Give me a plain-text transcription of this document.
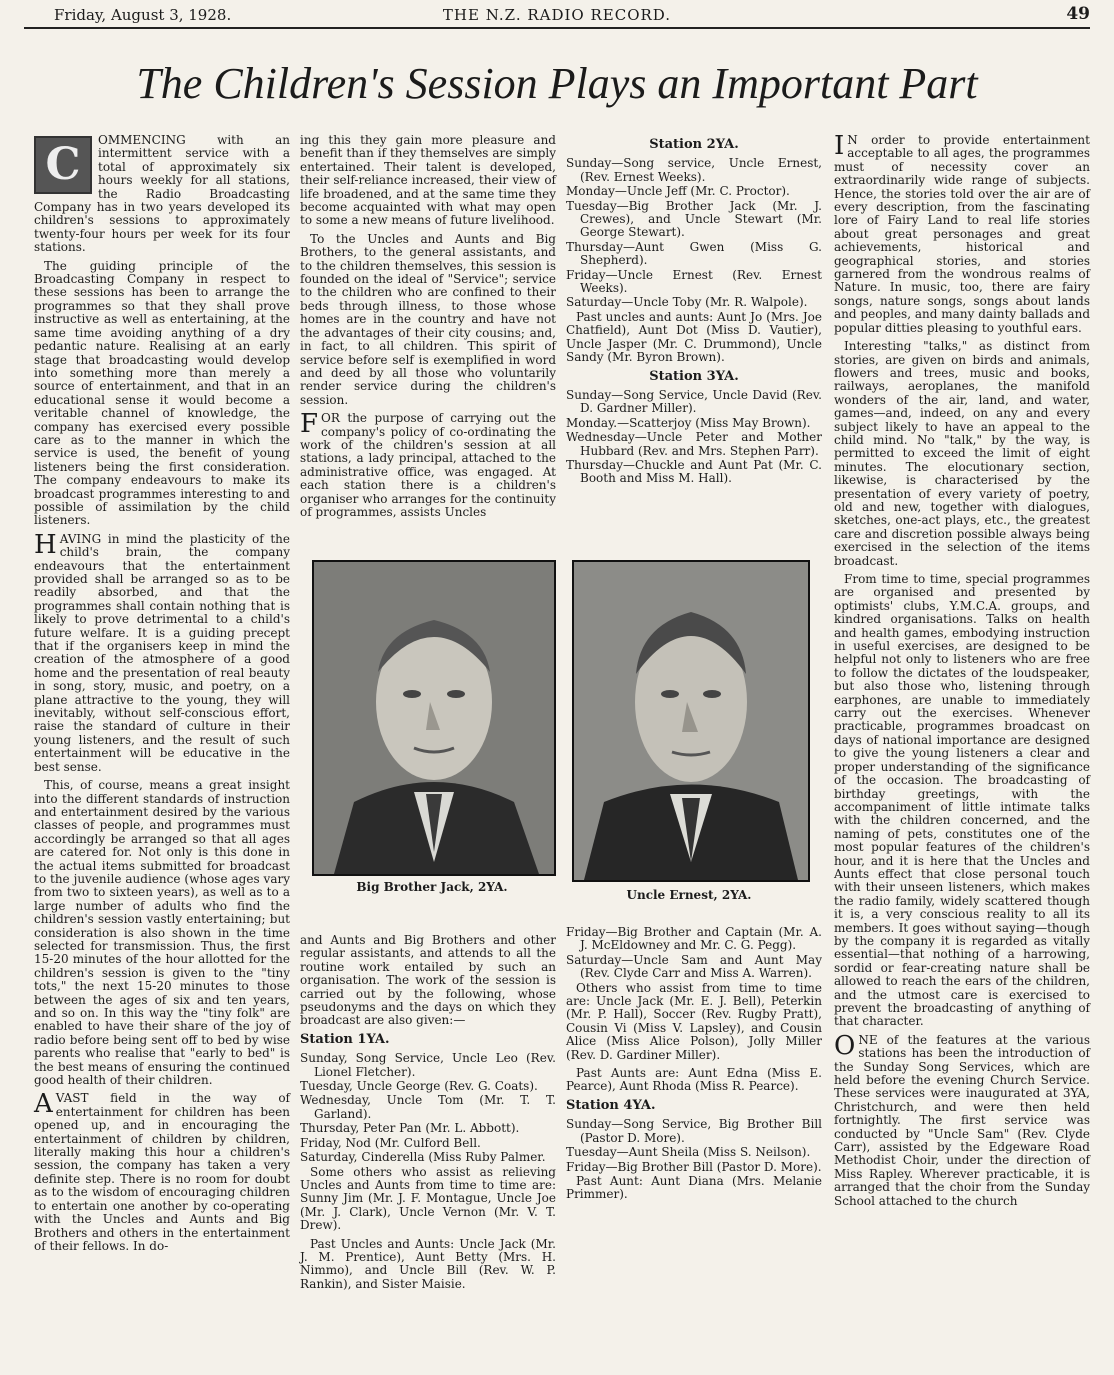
Friday, August 3, 1928.	THE N.Z. RADIO RECORD.	49
The Children's Session Plays an Important Part

C	OMMENCING with an intermittent service with a total of approximately six hours weekly for all stations, the Radio Broadcasting Company has in two years developed its children's sessions to approximately twenty-four hours per week for its four stations.

The guiding principle of the Broadcasting Company in respect to these sessions has been to arrange the programmes so that they shall prove instructive as well as entertaining, at the same time avoiding anything of a dry pedantic nature. Realising at an early stage that broadcasting would develop into something more than merely a source of entertainment, and that in an educational sense it would become a veritable channel of knowledge, the company has exercised every possible care as to the manner in which the service is used, the benefit of young listeners being the first consideration. The company endeavours to make its broadcast programmes interesting to and possible of assimilation by the child listeners.

HAVING in mind the plasticity of the child's brain, the company endeavours that the entertainment provided shall be arranged so as to be readily absorbed, and that the programmes shall contain nothing that is likely to prove detrimental to a child's future welfare. It is a guiding precept that if the organisers keep in mind the creation of the atmosphere of a good home and the presentation of real beauty in song, story, music, and poetry, on a plane attractive to the young, they will inevitably, without self-conscious effort, raise the standard of culture in their young listeners, and the result of such entertainment will be educative in the best sense.

This, of course, means a great insight into the different standards of instruction and entertainment desired by the various classes of people, and programmes must accordingly be arranged so that all ages are catered for. Not only is this done in the actual items submitted for broadcast to the juvenile audience (whose ages vary from two to sixteen years), as well as to a large number of adults who find the children's session vastly entertaining; but consideration is also shown in the time selected for transmission. Thus, the first 15-20 minutes of the hour allotted for the children's session is given to the "tiny tots," the next 15-20 minutes to those between the ages of six and ten years, and so on. In this way the "tiny folk" are enabled to have their share of the joy of radio before being sent off to bed by wise parents who realise that "early to bed" is the best means of ensuring the continued good health of their children.

AVAST field in the way of entertainment for children has been opened up, and in encouraging the entertainment of children by children, literally making this hour a children's session, the company has taken a very definite step. There is no room for doubt as to the wisdom of encouraging children to entertain one another by co-operating with the Uncles and Aunts and Big Brothers and others in the entertainment of their fellows. In do-

ing this they gain more pleasure and benefit than if they themselves are simply entertained. Their talent is developed, their self-reliance increased, their view of life broadened, and at the same time they become acquainted with what may open to some a new means of future livelihood.

To the Uncles and Aunts and Big Brothers, to the general assistants, and to the children themselves, this session is founded on the ideal of "Service"; service to the children who are confined to their beds through illness, to those whose homes are in the country and have not the advantages of their city cousins; and, in fact, to all children. This spirit of service before self is exemplified in word and deed by all those who voluntarily render service during the children's session.

FOR the purpose of carrying out the company's policy of co-ordinating the work of the children's session at all stations, a lady principal, attached to the administrative office, was engaged. At each station there is a children's organiser who arranges for the continuity of programmes, assists Uncles

Station 2YA.
Sunday—Song service, Uncle Ernest, (Rev. Ernest Weeks).
Monday—Uncle Jeff (Mr. C. Proctor).
Tuesday—Big Brother Jack (Mr. J. Crewes), and Uncle Stewart (Mr. George Stewart).
Thursday—Aunt Gwen (Miss G. Shepherd).
Friday—Uncle Ernest (Rev. Ernest Weeks).
Saturday—Uncle Toby (Mr. R. Walpole).

Past uncles and aunts: Aunt Jo (Mrs. Joe Chatfield), Aunt Dot (Miss D. Vautier), Uncle Jasper (Mr. C. Drummond), Uncle Sandy (Mr. Byron Brown).

Station 3YA.
Sunday—Song Service, Uncle David (Rev. D. Gardner Miller).
Monday.—Scatterjoy (Miss May Brown).
Wednesday—Uncle Peter and Mother Hubbard (Rev. and Mrs. Stephen Parr).
Thursday—Chuckle and Aunt Pat (Mr. C. Booth and Miss M. Hall).
Big Brother Jack, 2YA.
Uncle Ernest, 2YA.

and Aunts and Big Brothers and other regular assistants, and attends to all the routine work entailed by such an organisation. The work of the session is carried out by the following, whose pseudonyms and the days on which they broadcast are also given:—

Station 1YA.
Sunday, Song Service, Uncle Leo (Rev. Lionel Fletcher).
Tuesday, Uncle George (Rev. G. Coats).
Wednesday, Uncle Tom (Mr. T. T. Garland).
Thursday, Peter Pan (Mr. L. Abbott).
Friday, Nod (Mr. Culford Bell.
Saturday, Cinderella (Miss Ruby Palmer.

Some others who assist as relieving Uncles and Aunts from time to time are: Sunny Jim (Mr. J. F. Montague, Uncle Joe (Mr. J. Clark), Uncle Vernon (Mr. V. T. Drew).

Past Uncles and Aunts: Uncle Jack (Mr. J. M. Prentice), Aunt Betty (Mrs. H. Nimmo), and Uncle Bill (Rev. W. P. Rankin), and Sister Maisie.

Friday—Big Brother and Captain (Mr. A. J. McEldowney and Mr. C. G. Pegg).
Saturday—Uncle Sam and Aunt May (Rev. Clyde Carr and Miss A. Warren).

Others who assist from time to time are: Uncle Jack (Mr. E. J. Bell), Peterkin (Mr. P. Hall), Soccer (Rev. Rugby Pratt), Cousin Vi (Miss V. Lapsley), and Cousin Alice (Miss Alice Polson), Jolly Miller (Rev. D. Gardiner Miller).

Past Aunts are: Aunt Edna (Miss E. Pearce), Aunt Rhoda (Miss R. Pearce).

Station 4YA.
Sunday—Song Service, Big Brother Bill (Pastor D. More).
Tuesday—Aunt Sheila (Miss S. Neilson).
Friday—Big Brother Bill (Pastor D. More).

Past Aunt: Aunt Diana (Mrs. Melanie Primmer).

I N order to provide entertainment acceptable to all ages, the programmes must of necessity cover an extraordinarily wide range of subjects. Hence, the stories told over the air are of every description, from the fascinating lore of Fairy Land to real life stories about great personages and great achievements, historical and geographical stories, and stories garnered from the wondrous realms of Nature. In music, too, there are fairy songs, nature songs, songs about lands and peoples, and many dainty ballads and popular ditties pleasing to youthful ears.

Interesting "talks," as distinct from stories, are given on birds and animals, flowers and trees, music and books, railways, aeroplanes, the manifold wonders of the air, land, and water, games—and, indeed, on any and every subject likely to have an appeal to the child mind. No "talk," by the way, is permitted to exceed the limit of eight minutes. The elocutionary section, likewise, is characterised by the presentation of every variety of poetry, old and new, together with dialogues, sketches, one-act plays, etc., the greatest care and discretion possible always being exercised in the selection of the items broadcast.

From time to time, special programmes are organised and presented by optimists' clubs, Y.M.C.A. groups, and kindred organisations. Talks on health and health games, embodying instruction in useful exercises, are designed to be helpful not only to listeners who are free to follow the dictates of the loudspeaker, but also those who, listening through earphones, are unable to immediately carry out the exercises. Whenever practicable, programmes broadcast on days of national importance are designed to give the young listeners a clear and proper understanding of the significance of the occasion. The broadcasting of birthday greetings, with the accompaniment of little intimate talks with the children concerned, and the naming of pets, constitutes one of the most popular features of the children's hour, and it is here that the Uncles and Aunts effect that close personal touch with their unseen listeners, which makes the radio family, widely scattered though it is, a very conscious reality to all its members. It goes without saying—though by the company it is regarded as vitally essential—that nothing of a harrowing, sordid or fear-creating nature shall be allowed to reach the ears of the children, and the utmost care is exercised to prevent the broadcasting of anything of that character.

ONE of the features at the various stations has been the introduction of the Sunday Song Services, which are held before the evening Church Service. These services were inaugurated at 3YA, Christchurch, and were then held fortnightly. The first service was conducted by "Uncle Sam" (Rev. Clyde Carr), assisted by the Edgeware Road Methodist Choir, under the direction of Miss Rapley. Wherever practicable, it is arranged that the choir from the Sunday School attached to the church
